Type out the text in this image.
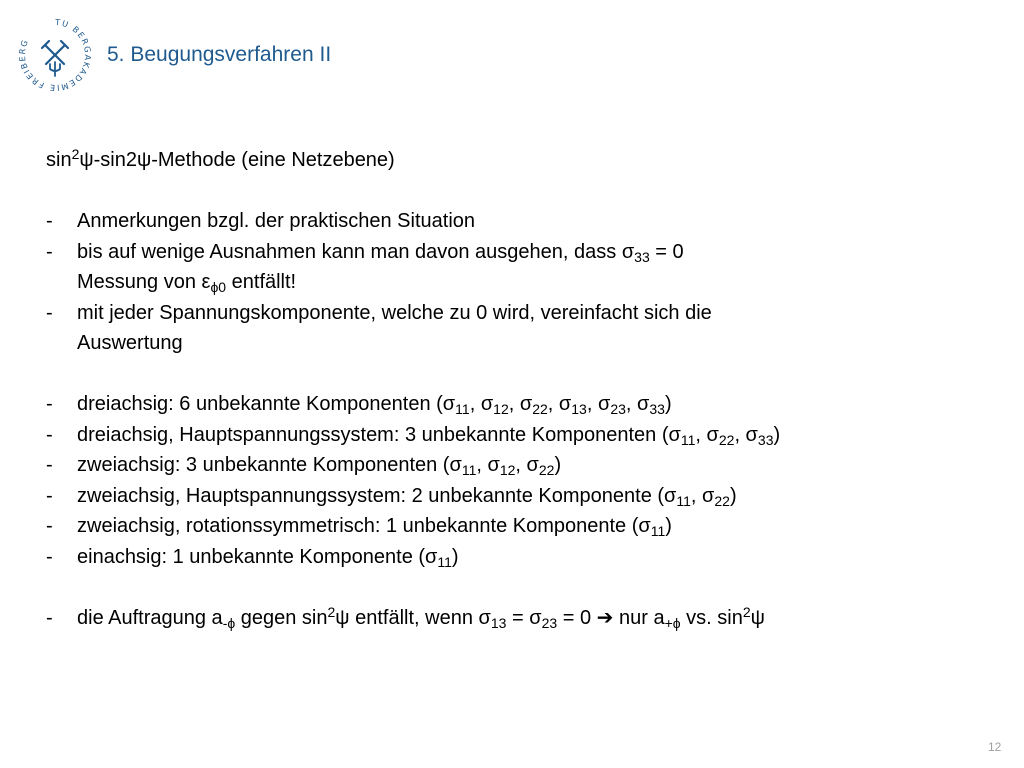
TU BERGAKADEMIE FREIBERG
5. Beugungsverfahren II
$\sin^2\psi-\sin 2\psi$-Methode (eine Netzebene)
- Anmerkungen bzgl. der praktischen Situation
- bis auf wenige Ausnahmen kann man davon ausgehen, dass $\sigma_{33} = 0$
Messung von $\varepsilon_{\phi 0}$ entfällt!
- mit jeder Spannungskomponente, welche zu 0 wird, vereinfacht sich die
Auswertung
- dreiachsig: 6 unbekannte Komponenten ($\sigma_{11}$, $\sigma_{12}$, $\sigma_{22}$, $\sigma_{13}$, $\sigma_{23}$, $\sigma_{33}$)
- dreiachsig, Hauptspannungssystem: 3 unbekannte Komponenten ($\sigma_{11}$, $\sigma_{22}$, $\sigma_{33}$)
- zweiachsig: 3 unbekannte Komponenten ($\sigma_{11}$, $\sigma_{12}$, $\sigma_{22}$)
- zweiachsig, Hauptspannungssystem: 2 unbekannte Komponente ($\sigma_{11}$, $\sigma_{22}$)
- zweiachsig, rotationssymmetrisch: 1 unbekannte Komponente $(\sigma_{11})$
- einachsig: 1 unbekannte Komponente $(\sigma_{11})$
- die Auftragung $a_{-\phi}$ gegen $\sin^2\psi$ entfällt, wenn $\sigma_{13} = \sigma_{23} = 0$ ➔ nur $a_{+\phi}$ vs. $\sin^2\psi$
12
